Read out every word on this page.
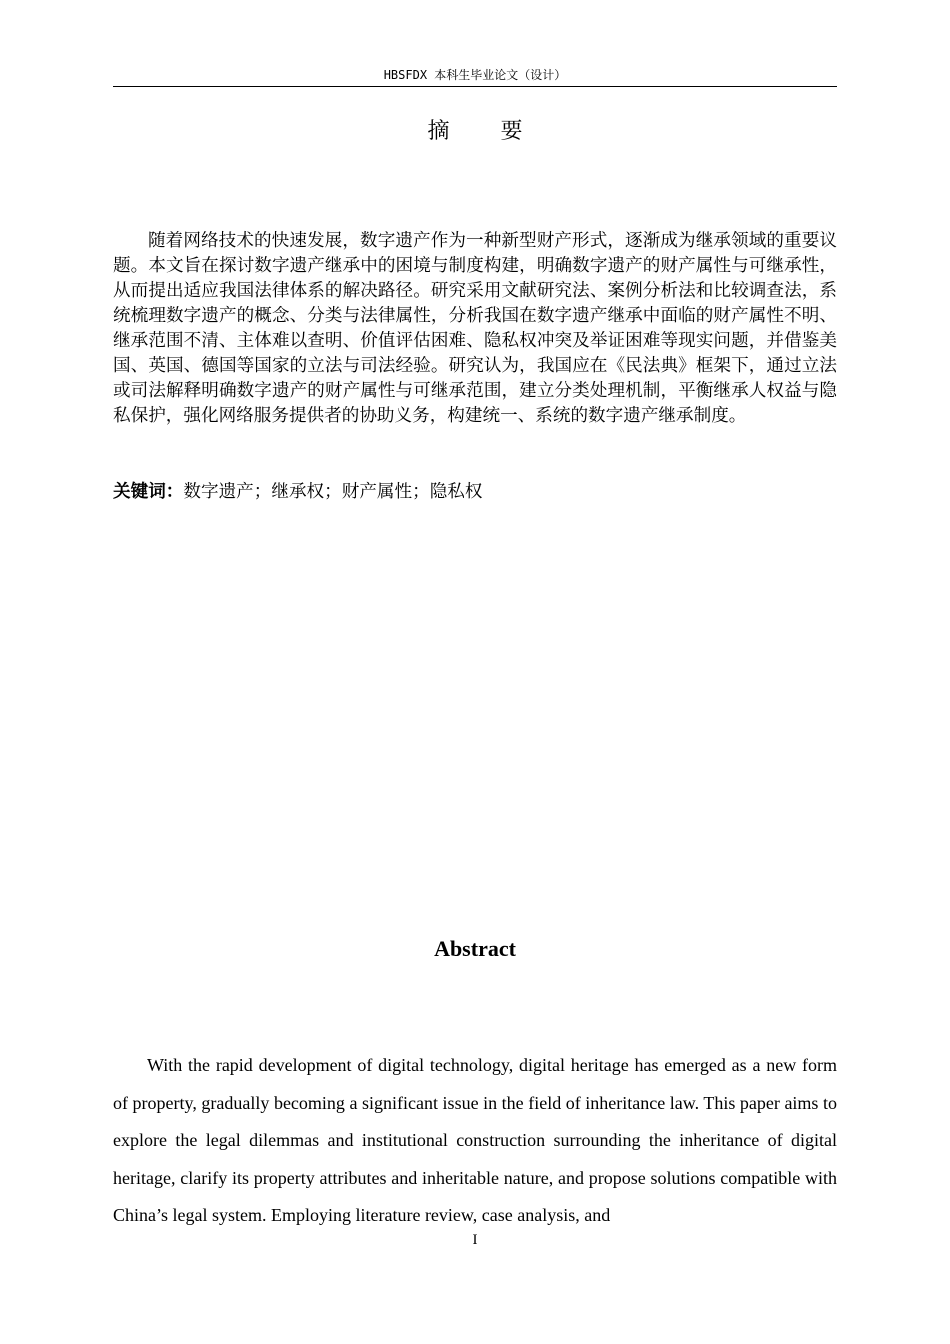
HBSFDX 本科生毕业论文（设计）
摘 要

随着网络技术的快速发展，数字遗产作为一种新型财产形式，逐渐成为继承领域的重要议题。本文旨在探讨数字遗产继承中的困境与制度构建，明确数字遗产的财产属性与可继承性，从而提出适应我国法律体系的解决路径。研究采用文献研究法、案例分析法和比较调查法，系统梳理数字遗产的概念、分类与法律属性，分析我国在数字遗产继承中面临的财产属性不明、继承范围不清、主体难以查明、价值评估困难、隐私权冲突及举证困难等现实问题，并借鉴美国、英国、德国等国家的立法与司法经验。研究认为，我国应在《民法典》框架下，通过立法或司法解释明确数字遗产的财产属性与可继承范围，建立分类处理机制，平衡继承人权益与隐私保护，强化网络服务提供者的协助义务，构建统一、系统的数字遗产继承制度。

关键词：数字遗产；继承权；财产属性；隐私权
Abstract

With the rapid development of digital technology, digital heritage has emerged as a new form of property, gradually becoming a significant issue in the field of inheritance law. This paper aims to explore the legal dilemmas and institutional construction surrounding the inheritance of digital heritage, clarify its property attributes and inheritable nature, and propose solutions compatible with China’s legal system. Employing literature review, case analysis, and

I
